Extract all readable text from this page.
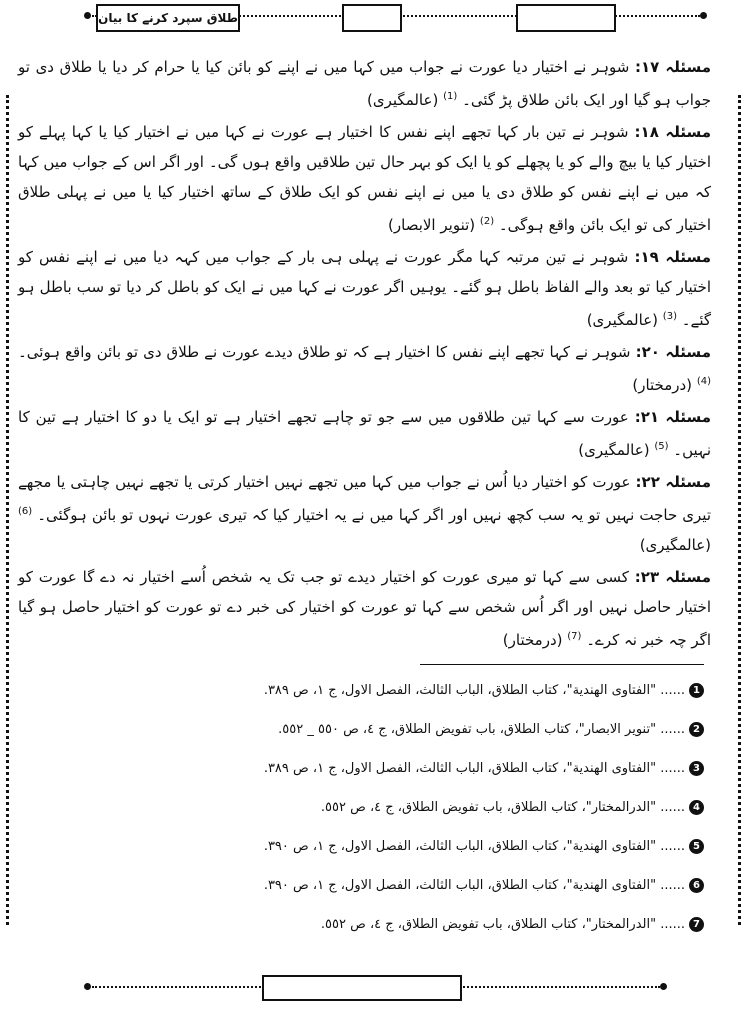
طلاق سپرد کرنے کا بیان

مسئلہ ۱۷: شوہر نے اختیار دیا عورت نے جواب میں کہا میں نے اپنے کو بائن کیا یا حرام کر دیا یا طلاق دی تو جواب ہو گیا اور ایک بائن طلاق پڑ گئی۔ $^{(1)}$ (عالمگیری)

مسئلہ ۱۸: شوہر نے تین بار کہا تجھے اپنے نفس کا اختیار ہے عورت نے کہا میں نے اختیار کیا یا کہا پہلے کو اختیار کیا یا بیچ والے کو یا پچھلے کو یا ایک کو بہر حال تین طلاقیں واقع ہوں گی۔ اور اگر اس کے جواب میں کہا کہ میں نے اپنے نفس کو طلاق دی یا میں نے اپنے نفس کو ایک طلاق کے ساتھ اختیار کیا یا میں نے پہلی طلاق اختیار کی تو ایک بائن واقع ہوگی۔ $^{(2)}$ (تنویر الابصار)

مسئلہ ۱۹: شوہر نے تین مرتبہ کہا مگر عورت نے پہلی ہی بار کے جواب میں کہہ دیا میں نے اپنے نفس کو اختیار کیا تو بعد والے الفاظ باطل ہو گئے۔ یوہیں اگر عورت نے کہا میں نے ایک کو باطل کر دیا تو سب باطل ہو گئے۔ $^{(3)}$ (عالمگیری)

مسئلہ ۲۰: شوہر نے کہا تجھے اپنے نفس کا اختیار ہے کہ تو طلاق دیدے عورت نے طلاق دی تو بائن واقع ہوئی۔ $^{(4)}$ (درمختار)

مسئلہ ۲۱: عورت سے کہا تین طلاقوں میں سے جو تو چاہے تجھے اختیار ہے تو ایک یا دو کا اختیار ہے تین کا نہیں۔ $^{(5)}$ (عالمگیری)

مسئلہ ۲۲: عورت کو اختیار دیا اُس نے جواب میں کہا میں تجھے نہیں اختیار کرتی یا تجھے نہیں چاہتی یا مجھے تیری حاجت نہیں تو یہ سب کچھ نہیں اور اگر کہا میں نے یہ اختیار کیا کہ تیری عورت نہوں تو بائن ہوگئی۔ $^{(6)}$ (عالمگیری)

مسئلہ ۲۳: کسی سے کہا تو میری عورت کو اختیار دیدے تو جب تک یہ شخص اُسے اختیار نہ دے گا عورت کو اختیار حاصل نہیں اور اگر اُس شخص سے کہا تو عورت کو اختیار کی خبر دے تو عورت کو اختیار حاصل ہو گیا اگر چہ خبر نہ کرے۔ $^{(7)}$ (درمختار)

1
...... "الفتاوی الهندية"، كتاب الطلاق، الباب الثالث، الفصل الاول، ج ١، ص ٣٨٩.
2
...... "تنوير الابصار"، كتاب الطلاق، باب تفويض الطلاق، ج ٤، ص ٥٥٠ _ ٥٥٢.
3
...... "الفتاوی الهندية"، كتاب الطلاق، الباب الثالث، الفصل الاول، ج ١، ص ٣٨٩.
4
...... "الدرالمختار"، كتاب الطلاق، باب تفويض الطلاق، ج ٤، ص ٥٥٢.
5
...... "الفتاوی الهندية"، كتاب الطلاق، الباب الثالث، الفصل الاول، ج ١، ص ٣٩٠.
6
...... "الفتاوی الهندية"، كتاب الطلاق، الباب الثالث، الفصل الاول، ج ١، ص ٣٩٠.
7
...... "الدرالمختار"، كتاب الطلاق، باب تفويض الطلاق، ج ٤، ص ٥٥٢.
